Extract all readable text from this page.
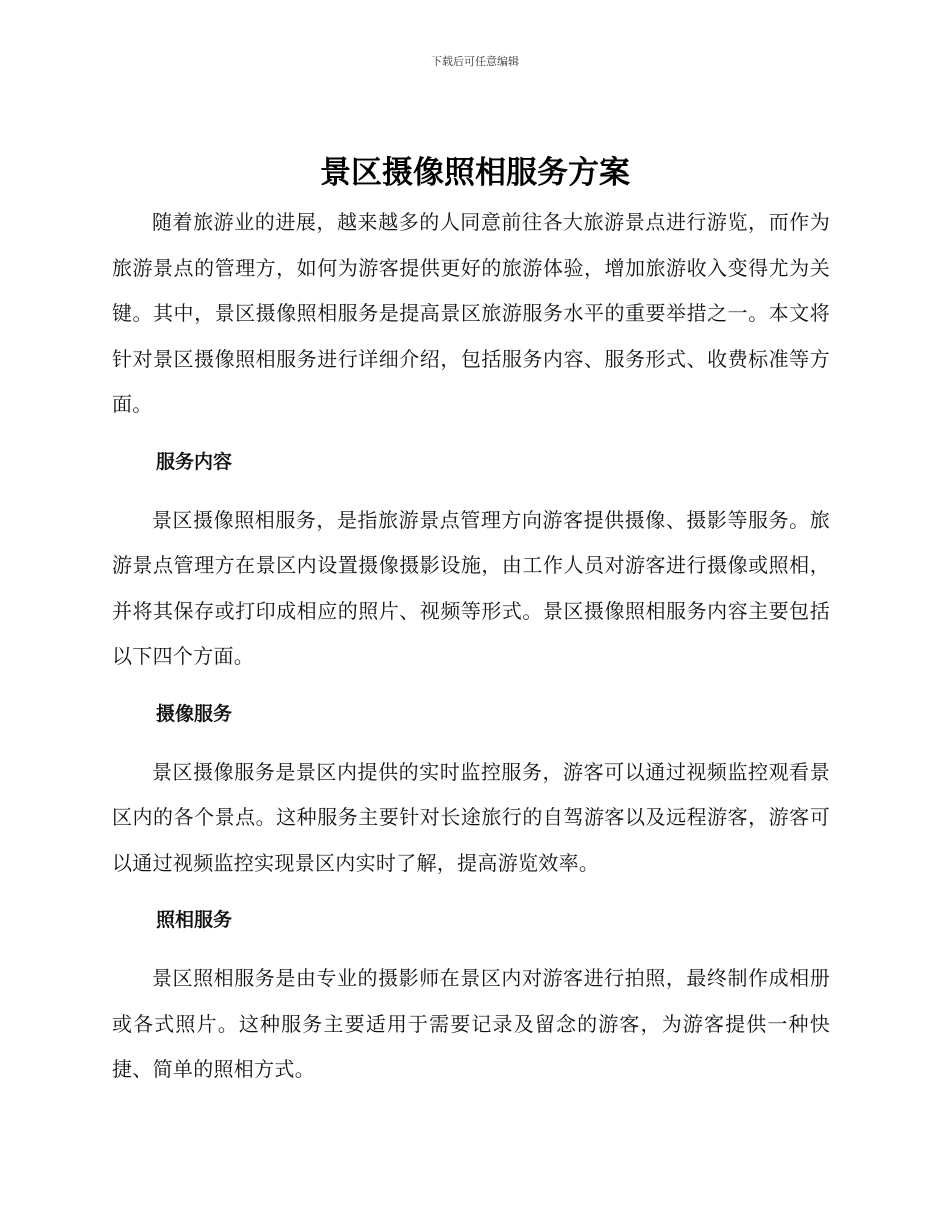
下载后可任意编辑
景区摄像照相服务方案

随着旅游业的进展，越来越多的人同意前往各大旅游景点进行游览，而作为旅游景点的管理方，如何为游客提供更好的旅游体验，增加旅游收入变得尤为关键。其中，景区摄像照相服务是提高景区旅游服务水平的重要举措之一。本文将针对景区摄像照相服务进行详细介绍，包括服务内容、服务形式、收费标准等方面。

服务内容

景区摄像照相服务，是指旅游景点管理方向游客提供摄像、摄影等服务。旅游景点管理方在景区内设置摄像摄影设施，由工作人员对游客进行摄像或照相，并将其保存或打印成相应的照片、视频等形式。景区摄像照相服务内容主要包括以下四个方面。

摄像服务

景区摄像服务是景区内提供的实时监控服务，游客可以通过视频监控观看景区内的各个景点。这种服务主要针对长途旅行的自驾游客以及远程游客，游客可以通过视频监控实现景区内实时了解，提高游览效率。

照相服务

景区照相服务是由专业的摄影师在景区内对游客进行拍照，最终制作成相册或各式照片。这种服务主要适用于需要记录及留念的游客，为游客提供一种快捷、简单的照相方式。
